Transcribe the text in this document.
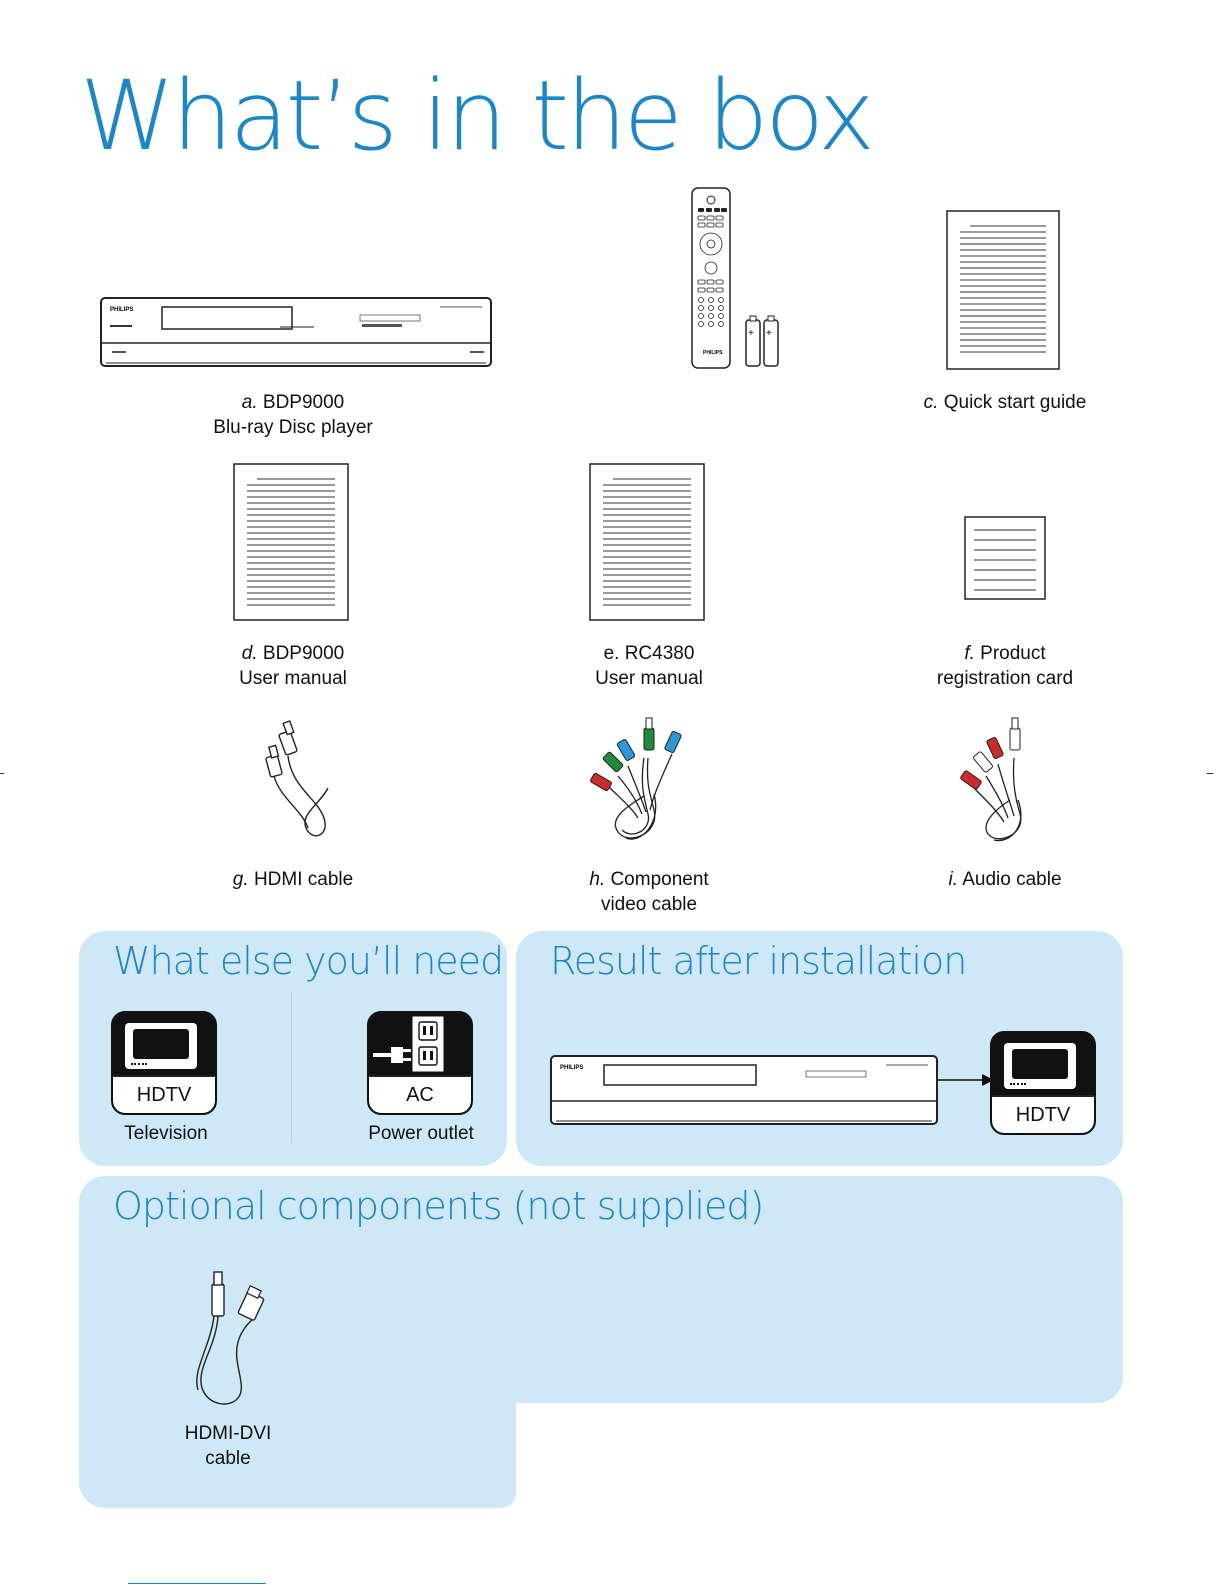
What’s in the box
PHILIPS
a. BDP9000
Blu-ray Disc player
PHILIPS
+ +
c. Quick start guide
d. BDP9000
User manual
e. RC4380
User manual
f. Product
registration card
g. HDMI cable	h. Component
video cable
i. Audio cable
What else you’ll need
HDTV
Television
AC
Power outlet
Result after installation
PHILIPS
HDTV
Optional components (not supplied)
HDMI-DVI
cable
